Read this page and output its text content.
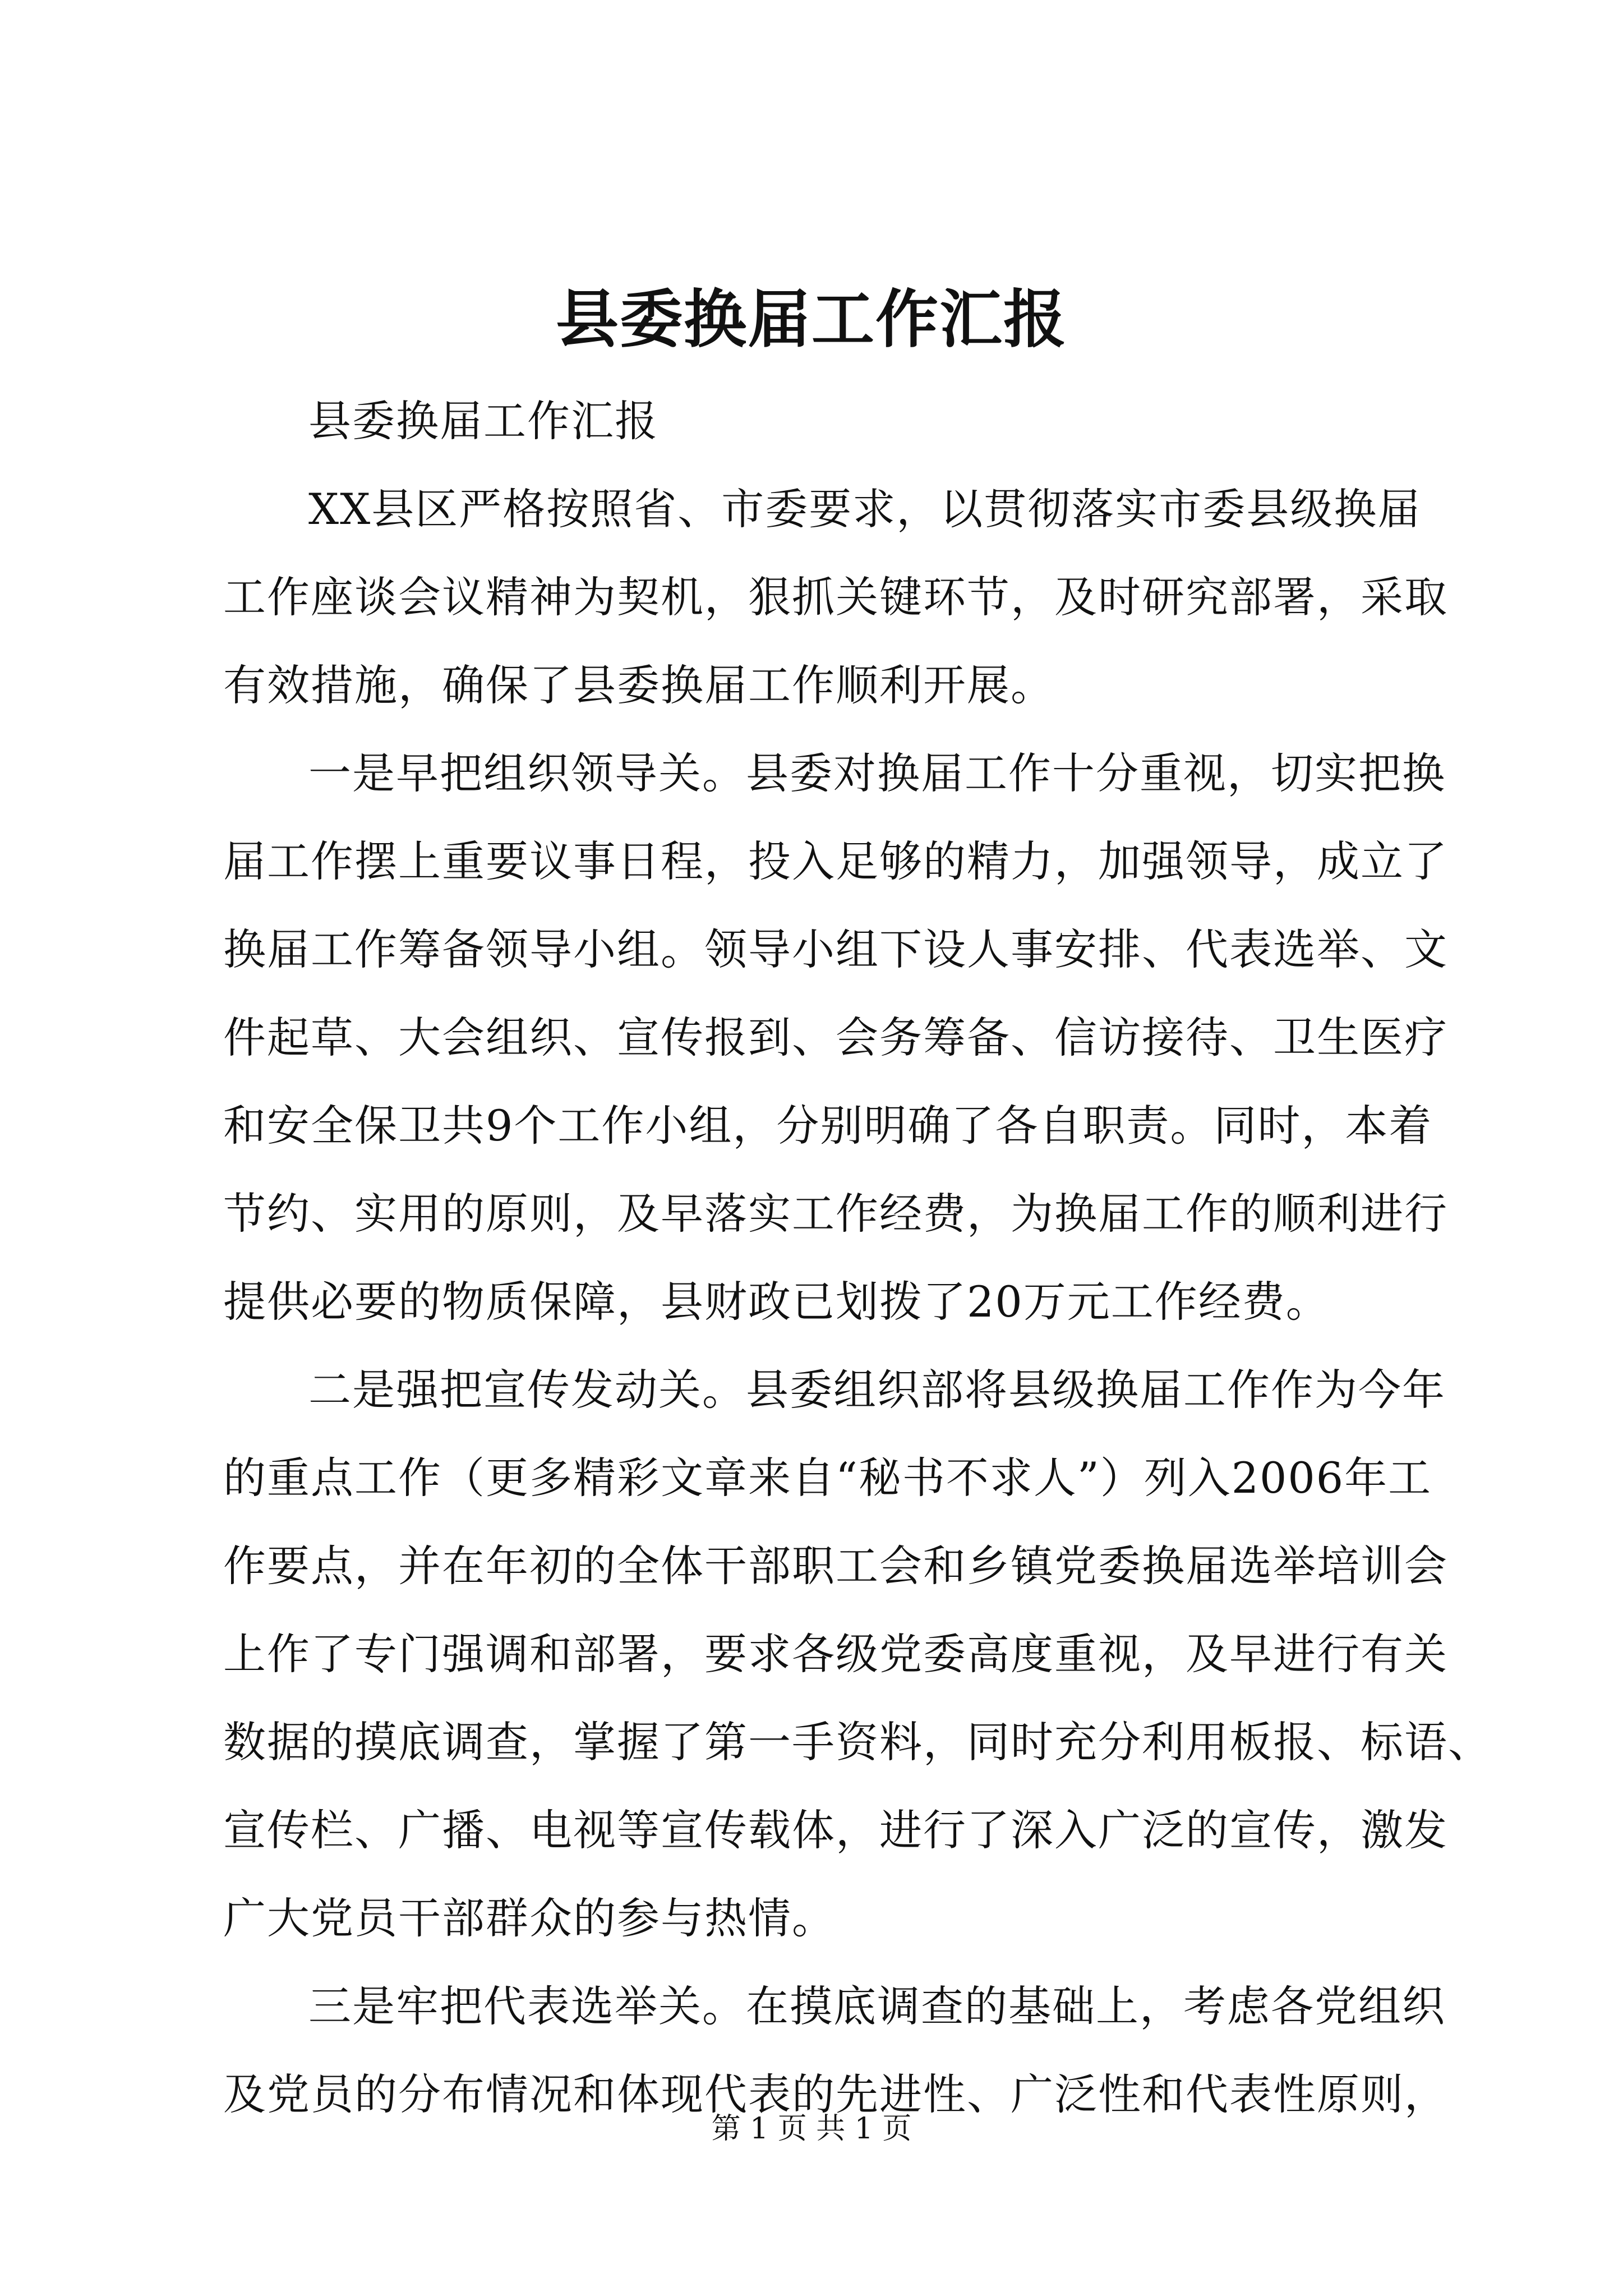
县委换届工作汇报
县委换届工作汇报
XX县区严格按照省、市委要求，以贯彻落实市委县级换届
工作座谈会议精神为契机，狠抓关键环节，及时研究部署，采取
有效措施，确保了县委换届工作顺利开展。
一是早把组织领导关。县委对换届工作十分重视，切实把换
届工作摆上重要议事日程，投入足够的精力，加强领导，成立了
换届工作筹备领导小组。领导小组下设人事安排、代表选举、文
件起草、大会组织、宣传报到、会务筹备、信访接待、卫生医疗
和安全保卫共9个工作小组，分别明确了各自职责。同时，本着
节约、实用的原则，及早落实工作经费，为换届工作的顺利进行
提供必要的物质保障，县财政已划拨了20万元工作经费。
二是强把宣传发动关。县委组织部将县级换届工作作为今年
的重点工作（更多精彩文章来自“秘书不求人”）列入2006年工
作要点，并在年初的全体干部职工会和乡镇党委换届选举培训会
上作了专门强调和部署，要求各级党委高度重视，及早进行有关
数据的摸底调查，掌握了第一手资料，同时充分利用板报、标语、
宣传栏、广播、电视等宣传载体，进行了深入广泛的宣传，激发
广大党员干部群众的参与热情。
三是牢把代表选举关。在摸底调查的基础上，考虑各党组织
及党员的分布情况和体现代表的先进性、广泛性和代表性原则，
第 1 页 共 1 页
